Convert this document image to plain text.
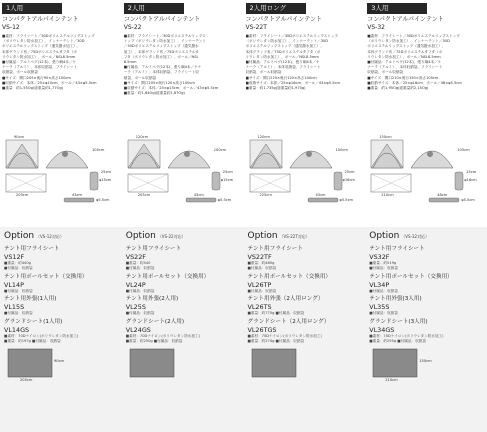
1人用
コンパクトアルパインテント
VS-12

■素材：フライシート／30Dポリエステルリップストップ

（ポリウレタン防水加工）、インナーテント／30D

ポリエステルリップストップ（通気撥水加工）、

本体グランド布／75Dポリエステルタフタ（ポ

リウレタン防水加工）、ポール／NSL8.5mm

■付属品：アルミペグ(12本)、張り綱4本／ケ

ナーラ（アルミ）、本体収納袋、フライシート

収納袋、ポール収納袋

■サイズ：間口205×奥行90×高さ100cm

■収納サイズ：本体／25×φ15cm、ポール／43×φ5.5cm

■重量：約1,55Og(総重量約1,77Og)

100cm
90cm
205cm
φ15cm
25cm
43cm
φ5.5cm
Option （VS-12対応）
テント用フライシート
VS12F
■重量：約440g
■付属品：収納袋
テント用ポールセット（交換用）
VL14P
■付属品：収納袋
テント用外張(1人用)
VL15S
■付属品：収納袋
グランドシート(1人用)
VL14GS
■素材：70Dナイロン(ポリウレタン防水加工)
■重量：約197g ■付属品：収納袋
205cm
90cm
2人用
コンパクトアルパインテント
VS-22

■素材：フライシート／30Dポリエステルリップス

トップ（ポリウレタン防水加工）、インナーテント

／30Dポリエステルリップストップ（通気撥水

加工）、本体グランド布／75Dポリエステルタ

フタ（ポリウレタン防水加工）、ポール／NSL

8.5mm

■付属品：アルミペグ(12本)、張り綱4本／ケナ

ーラ（アルミ）、本体収納袋、フライシート収

納袋、ポール収納袋

■サイズ：間口205×奥行120×高さ100cm

■収納サイズ：本体／25×φ15cm、ポール／43×φ5.5cm

■重量：約1,64Og(総重量約1,87Og)

100cm
120cm
205cm
φ15cm
25cm
43cm
φ5.5cm
Option （VS-22対応）
テント用フライシート
VS22F
■重量：約440
■付属品：収納袋
テント用ポールセット（交換用）
VL24P
■付属品：収納袋
テント用外張(2人用)
VL25S
■付属品：収納袋
グランドシート(2人用)
VL24GS
■素材：70Dナイロン(ポリウレタン防水加工)
■重量：約250g ■付属品：収納袋
2人用ロング
コンパクトアルパインテント
VS-22T

■素材：フライシート／30Dポリエステルリップストップ

（ポリウレタン防水加工）、インナーテント／30D

ポリエステルリップストップ（通気撥水加工）、

本体グランド布／75Dポリエステルタフタ（ポ

リウレタン防水加工）、ポール／NSL8.5mm

■付属品：アルミペグ(12本)、張り綱4本／ケ

ナーラ（アルミ）、本体収納袋、フライシート

収納袋、ポール収納袋

■サイズ：間口225×奥行120×高さ100cm

■収納サイズ：本体／25×φ16cm、ポール／43×φ5.5cm

■重量：約1,735g(総重量約1,970g)

100cm
120cm
225cm
φ16cm
25cm
43cm
φ5.5cm
Option （VS-22T対応）
テント用フライシート
VS22TF
■重量：約480g
■付属品：収納袋
テント用ポールセット（交換用）
VL26TP
■付属品：収納袋
テント用外張（2人用ロング）
VL26TS
■重量：約770g ■付属品：収納袋
グランドシート（2人用ロング）
VL26TGS
■素材：70Dナイロン(ポリウレタン防水加工)
■重量：約274g ■付属品：収納袋
3人用
コンパクトアルパインテント
VS-32

■素材：フライシート／30Dポリエステルリップストップ

（ポリウレタン防水加工）、インナーテント／30D

ポリエステルリップストップ（通気撥水加工）、

本体グランド布／75Dポリエステルタフタ（ポ

リウレタン防水加工）、ポール／NSL8.5mm

■付属品：アルミペグ(12本)、張り綱4本／ケ

ナーラ（アルミ）、本体収納袋、フライシート

収納袋、ポール収納袋

■サイズ：間口210×奥行150×高さ105cm

■収納サイズ：本体／25×φ16cm、ポール／48×φ5.5cm

■重量：約1,95Og(総重量約2,15Og)

105cm
150cm
210cm
φ16cm
25cm
48cm
φ5.5cm
Option （VS-32対応）
テント用フライシート
VS32F
■重量：約519g
■付属品：収納袋
テント用ポールセット（交換用）
VL34P
■付属品：収納袋
テント用外張(3人用)
VL35S
■付属品：収納袋
グランドシート(3人用)
VL34GS
■素材：70Dナイロン(ポリウレタン防水加工)
■重量：約295g ■付属品：収納袋
210cm
150cm
